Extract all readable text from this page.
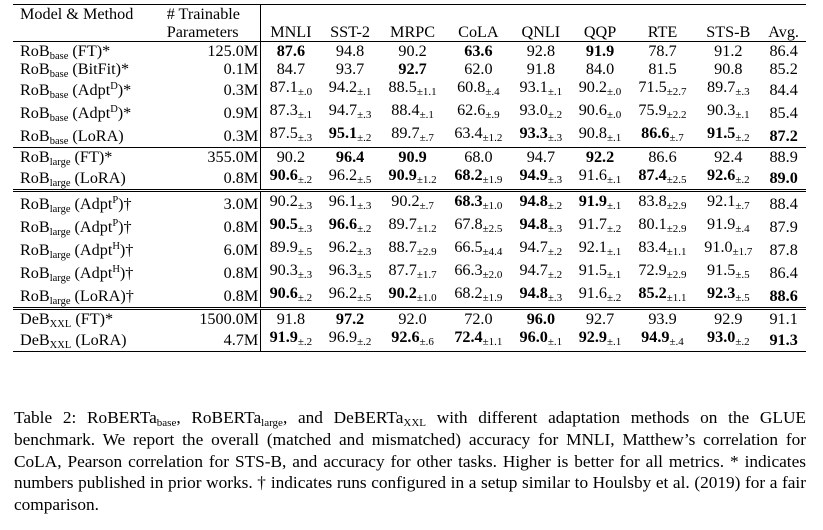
Model & Method	# Trainable									
	Parameters	MNLI	SST-2	MRPC	CoLA	QNLI	QQP	RTE	STS-B	Avg.
RoB$_{base}$ (FT)*	125.0M	87.6	94.8	90.2	63.6	92.8	91.9	78.7	91.2	86.4
RoB$_{base}$ (BitFit)*	0.1M	84.7	93.7	92.7	62.0	91.8	84.0	81.5	90.8	85.2
RoB$_{base}$ (Adpt$^D$)*	0.3M	87.1±.0	94.2±.1	88.5±1.1	60.8±.4	93.1±.1	90.2±.0	71.5±2.7	89.7±.3	84.4
RoB$_{base}$ (Adpt$^D$)*	0.9M	87.3±.1	94.7±.3	88.4±.1	62.6±.9	93.0±.2	90.6±.0	75.9±2.2	90.3±.1	85.4
RoB$_{base}$ (LoRA)	0.3M	87.5±.3	95.1±.2	89.7±.7	63.4±1.2	93.3±.3	90.8±.1	86.6±.7	91.5±.2	87.2
RoB$_{large}$ (FT)*	355.0M	90.2	96.4	90.9	68.0	94.7	92.2	86.6	92.4	88.9
RoB$_{large}$ (LoRA)	0.8M	90.6±.2	96.2±.5	90.9±1.2	68.2±1.9	94.9±.3	91.6±.1	87.4±2.5	92.6±.2	89.0
RoB$_{large}$ (Adpt$^P$)†	3.0M	90.2±.3	96.1±.3	90.2±.7	68.3±1.0	94.8±.2	91.9±.1	83.8±2.9	92.1±.7	88.4
RoB$_{large}$ (Adpt$^P$)†	0.8M	90.5±.3	96.6±.2	89.7±1.2	67.8±2.5	94.8±.3	91.7±.2	80.1±2.9	91.9±.4	87.9
RoB$_{large}$ (Adpt$^H$)†	6.0M	89.9±.5	96.2±.3	88.7±2.9	66.5±4.4	94.7±.2	92.1±.1	83.4±1.1	91.0±1.7	87.8
RoB$_{large}$ (Adpt$^H$)†	0.8M	90.3±.3	96.3±.5	87.7±1.7	66.3±2.0	94.7±.2	91.5±.1	72.9±2.9	91.5±.5	86.4
RoB$_{large}$ (LoRA)†	0.8M	90.6±.2	96.2±.5	90.2±1.0	68.2±1.9	94.8±.3	91.6±.2	85.2±1.1	92.3±.5	88.6
DeB$_{XXL}$ (FT)*	1500.0M	91.8	97.2	92.0	72.0	96.0	92.7	93.9	92.9	91.1
DeB$_{XXL}$ (LoRA)	4.7M	91.9±.2	96.9±.2	92.6±.6	72.4±1.1	96.0±.1	92.9±.1	94.9±.4	93.0±.2	91.3
Table 2: RoBERTa$_{base}$, RoBERTa$_{large}$, and DeBERTa$_{XXL}$ with different adaptation methods on the GLUE benchmark. We report the overall (matched and mismatched) accuracy for MNLI, Matthew’s correlation for CoLA, Pearson correlation for STS-B, and accuracy for other tasks. Higher is better for all metrics. * indicates numbers published in prior works. † indicates runs configured in a setup similar to Houlsby et al. (2019) for a fair comparison.
